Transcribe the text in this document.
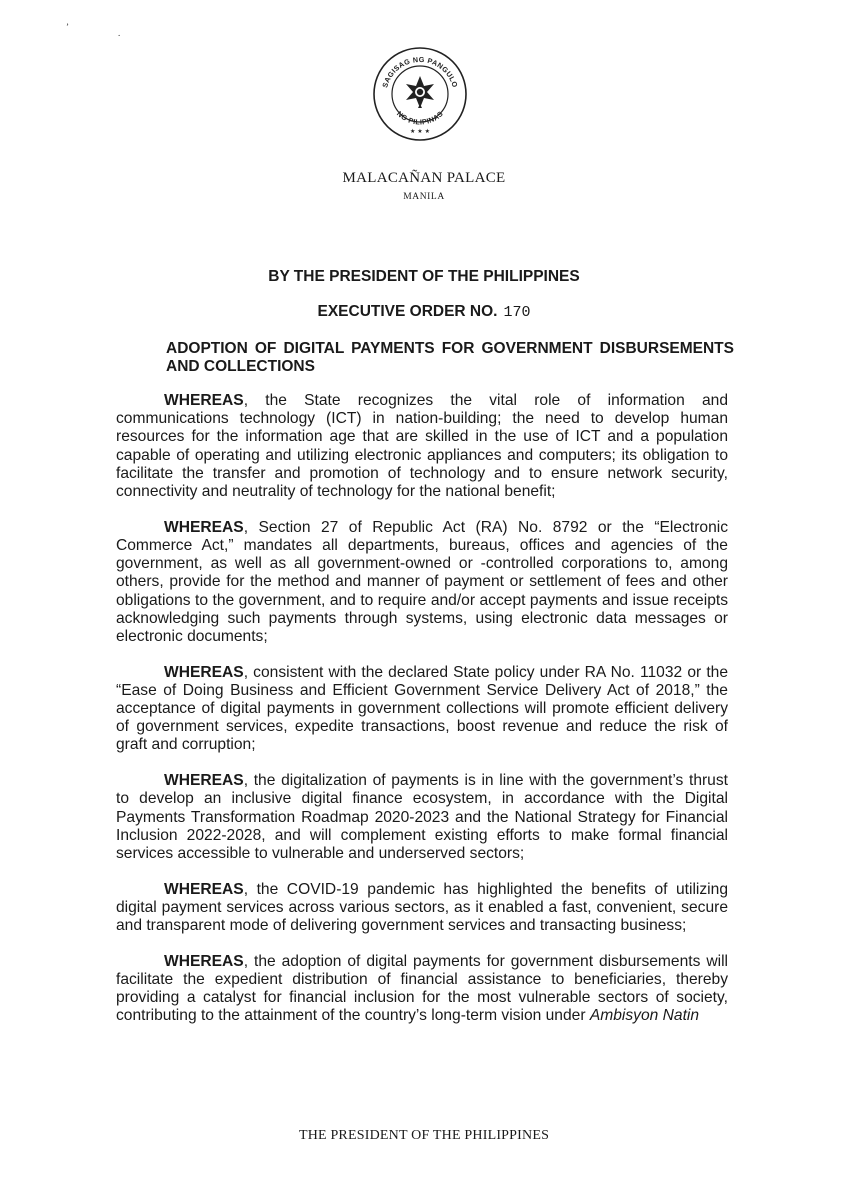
’
.
SAGISAG NG PANGULO
NG PILIPINAS
★ ★ ★
MALACAÑAN PALACE
MANILA
BY THE PRESIDENT OF THE PHILIPPINES
EXECUTIVE ORDER NO. 170
ADOPTION OF DIGITAL PAYMENTS FOR GOVERNMENT DISBURSEMENTS AND COLLECTIONS

WHEREAS, the State recognizes the vital role of information and communications technology (ICT) in nation-building; the need to develop human resources for the information age that are skilled in the use of ICT and a population capable of operating and utilizing electronic appliances and computers; its obligation to facilitate the transfer and promotion of technology and to ensure network security, connectivity and neutrality of technology for the national benefit;

WHEREAS, Section 27 of Republic Act (RA) No. 8792 or the “Electronic Commerce Act,” mandates all departments, bureaus, offices and agencies of the government, as well as all government-owned or -controlled corporations to, among others, provide for the method and manner of payment or settlement of fees and other obligations to the government, and to require and/or accept payments and issue receipts acknowledging such payments through systems, using electronic data messages or electronic documents;

WHEREAS, consistent with the declared State policy under RA No. 11032 or the “Ease of Doing Business and Efficient Government Service Delivery Act of 2018,” the acceptance of digital payments in government collections will promote efficient delivery of government services, expedite transactions, boost revenue and reduce the risk of graft and corruption;

WHEREAS, the digitalization of payments is in line with the government’s thrust to develop an inclusive digital finance ecosystem, in accordance with the Digital Payments Transformation Roadmap 2020-2023 and the National Strategy for Financial Inclusion 2022-2028, and will complement existing efforts to make formal financial services accessible to vulnerable and underserved sectors;

WHEREAS, the COVID-19 pandemic has highlighted the benefits of utilizing digital payment services across various sectors, as it enabled a fast, convenient, secure and transparent mode of delivering government services and transacting business;

WHEREAS, the adoption of digital payments for government disbursements will facilitate the expedient distribution of financial assistance to beneficiaries, thereby providing a catalyst for financial inclusion for the most vulnerable sectors of society, contributing to the attainment of the country’s long-term vision under Ambisyon Natin

THE PRESIDENT OF THE PHILIPPINES
